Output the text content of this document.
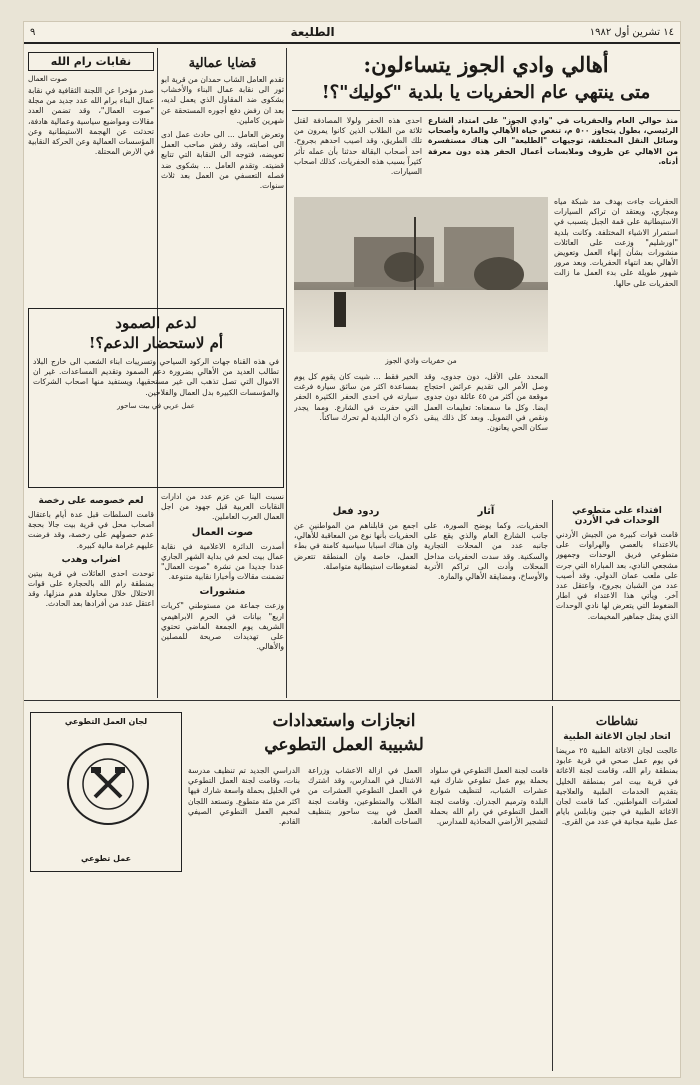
٩	الطليعة	١٤ تشرين أول ١٩٨٢
أهالي وادي الجوز يتساءلون:
متى ينتهي عام الحفريات يا بلدية "كوليك"؟!

منذ حوالي العام والحفريات في "وادي الجوز" على امتداد الشارع الرئيسي، بطول يتجاوز ٥٠٠ م، تنغص حياة الأهالي والمارة وأصحاب وسائل النقل المختلفة، توجيهات "الطليعة" الى هناك مستفسرة من الاهالي عن ظروف وملابسات أعمال الحفر هذه دون معرفة أدناه.

احدى هذه الحفر ولولا المصادفة لقتل ثلاثة من الطلاب الذين كانوا يمرون من تلك الطريق، وقد اصيب احدهم بجروح. احد أصحاب البقالة حدثنا بأن عمله تأثر كثيراً بسبب هذه الحفريات، كذلك اصحاب السيارات.

الحفريات جاءت بهدف مد شبكة مياه ومجاري، ويعتقد ان تراكم السيارات الاستيطانية على قمة الجبل يتسبب في استمرار الاشياء المختلفة. وكانت بلدية "اورشليم" وزعت على العائلات منشورات بشأن إنهاء العمل وتعويض الأهالي بعد انتهاء الحفريات. وبعد مرور شهور طويلة على بدء العمل ما زالت الحفريات على حالها.

من حفريات وادي الجوز

المحدد على الأقل، دون جدوى، وقد وصل الأمر الى تقديم عرائض احتجاج موقعة من أكثر من ٤٥ عائلة دون جدوى ايضا. وكل ما سمعناه: تعليمات العمل ونقص في التمويل. وبعد كل ذلك يبقى سكان الحي يعانون.

الخير فقط ... شيت كان يقوم كل يوم بمساعدة اكثر من سائق سيارة فرغت سيارته في احدى الحفر الكثيرة الحفر التي حفرت في الشارع. ومما يجدر ذكره ان البلدية لم تحرك ساكناً.

ردود فعل

اجمع من قابلناهم من المواطنين عن الحفريات بأنها نوع من المعاقبة للأهالي، وان هناك اسبابا سياسية كامنة في بطء العمل، خاصة وان المنطقة تتعرض لضغوطات استيطانية متواصلة.

آثار

الحفريات، وكما يوضح الصورة، على جانب الشارع العام والذي يقع على جانبه عدد من المحلات التجارية والسكنية. وقد سدت الحفريات مداخل المحلات وأدت الى تراكم الأتربة والأوساخ، ومضايقة الأهالي والمارة.

افتداء على متطوعي الوحدات في الأردن

قامت قوات كبيرة من الجيش الأردني بالاعتداء بالعصي والهراوات على متطوعي فريق الوحدات وجمهور مشجعي النادي، بعد المباراة التي جرت على ملعب عمان الدولي. وقد أصيب عدد من الشبان بجروح، واعتقل عدد آخر. ويأتي هذا الاعتداء في اطار الضغوط التي يتعرض لها نادي الوحدات الذي يمثل جماهير المخيمات.

قضايا عمالية

تقدم العامل الشاب حمدان من قرية ابو ثور الى نقابة عمال البناء والأخشاب بشكوى ضد المقاول الذي يعمل لديه، بعد ان رفض دفع أجوره المستحقة عن شهرين كاملين.

وتعرض العامل ... الى حادث عمل ادى الى اصابته، وقد رفض صاحب العمل تعويضه، فتوجه الى النقابة التي تتابع قضيته. وتقدم العامل ... بشكوى ضد فصله التعسفي من العمل بعد ثلاث سنوات.

نقابات رام الله
صوت العمال

صدر مؤخرا عن اللجنة الثقافية في نقابة عمال البناء برام الله عدد جديد من مجلة "صوت العمال"، وقد تضمن العدد مقالات ومواضيع سياسية وعمالية هادفة، تحدثت عن الهجمة الاستيطانية وعن المؤسسات العمالية وعن الحركة النقابية في الارض المحتلة.

لدعم الصمود
أم لاستحضار الدعم؟!

في هذه القناة جهات الركود السياحي وتسريبات ابناء الشعب الى خارج البلاد تطالب العديد من الأهالي بضرورة دعم الصمود وتقديم المساعدات. غير ان الاموال التي تصل تذهب الى غير مستحقيها، ويستفيد منها اصحاب الشركات والمؤسسات الكبيرة بدل العمال والفلاحين.

عمل عربي في بيت ساحور

نسبت الينا عن عزم عدد من ادارات النقابات العربية قبل جهود من اجل العمال العرب العاملين.

صوت العمال

أصدرت الدائرة الاعلامية في نقابة عمال بيت لحم في بداية الشهر الجاري عددا جديدا من نشرة "صوت العمال" تضمنت مقالات وأخبارا نقابية متنوعة.

منشورات

وزعت جماعة من مستوطني "كريات اربع" بيانات في الحرم الابراهيمي الشريف يوم الجمعة الماضي تحتوي على تهديدات صريحة للمصلين والأهالي.

لعم خصوصه على رخصة

قامت السلطات قبل عدة أيام باعتقال اصحاب محل في قرية بيت جالا بحجة عدم حصولهم على رخصة، وقد فرضت عليهم غرامة مالية كبيرة.

اضراب وهدب

توحدت احدى العائلات في قرية بيتين بمنطقة رام الله بالحجارة على قوات الاحتلال خلال محاولة هدم منزلها، وقد اعتقل عدد من أفرادها بعد الحادث.

انجازات واستعدادات
لشبيبة العمل التطوعي
لجان العمل التطوعي
عمل تطوعي

الدراسي الجديد تم تنظيف مدرسة بنات، وقامت لجنة العمل التطوعي في الخليل بحملة واسعة شارك فيها اكثر من مئة متطوع. وتستعد اللجان لمخيم العمل التطوعي الصيفي القادم.

العمل في ازالة الاعشاب وزراعة الاشتال في المدارس، وقد اشترك في العمل التطوعي العشرات من الطلاب والمتطوعين، وقامت لجنة العمل في بيت ساحور بتنظيف الساحات العامة.

قامت لجنة العمل التطوعي في سلواد بحملة يوم عمل تطوعي شارك فيه عشرات الشباب، لتنظيف شوارع البلدة وترميم الجدران. وقامت لجنة العمل التطوعي في رام الله بحملة لتشجير الأراضي المحاذية للمدارس.

نشاطات
اتحاد لجان الاغاثة الطبية

عالجت لجان الاغاثة الطبية ٢٥ مريضا في يوم عمل صحي في قرية عابود بمنطقة رام الله، وقامت لجنة الاغاثة في قرية بيت امر بمنطقة الخليل بتقديم الخدمات الطبية والعلاجية لعشرات المواطنين. كما قامت لجان الاغاثة الطبية في جنين ونابلس بايام عمل طبية مجانية في عدد من القرى.
